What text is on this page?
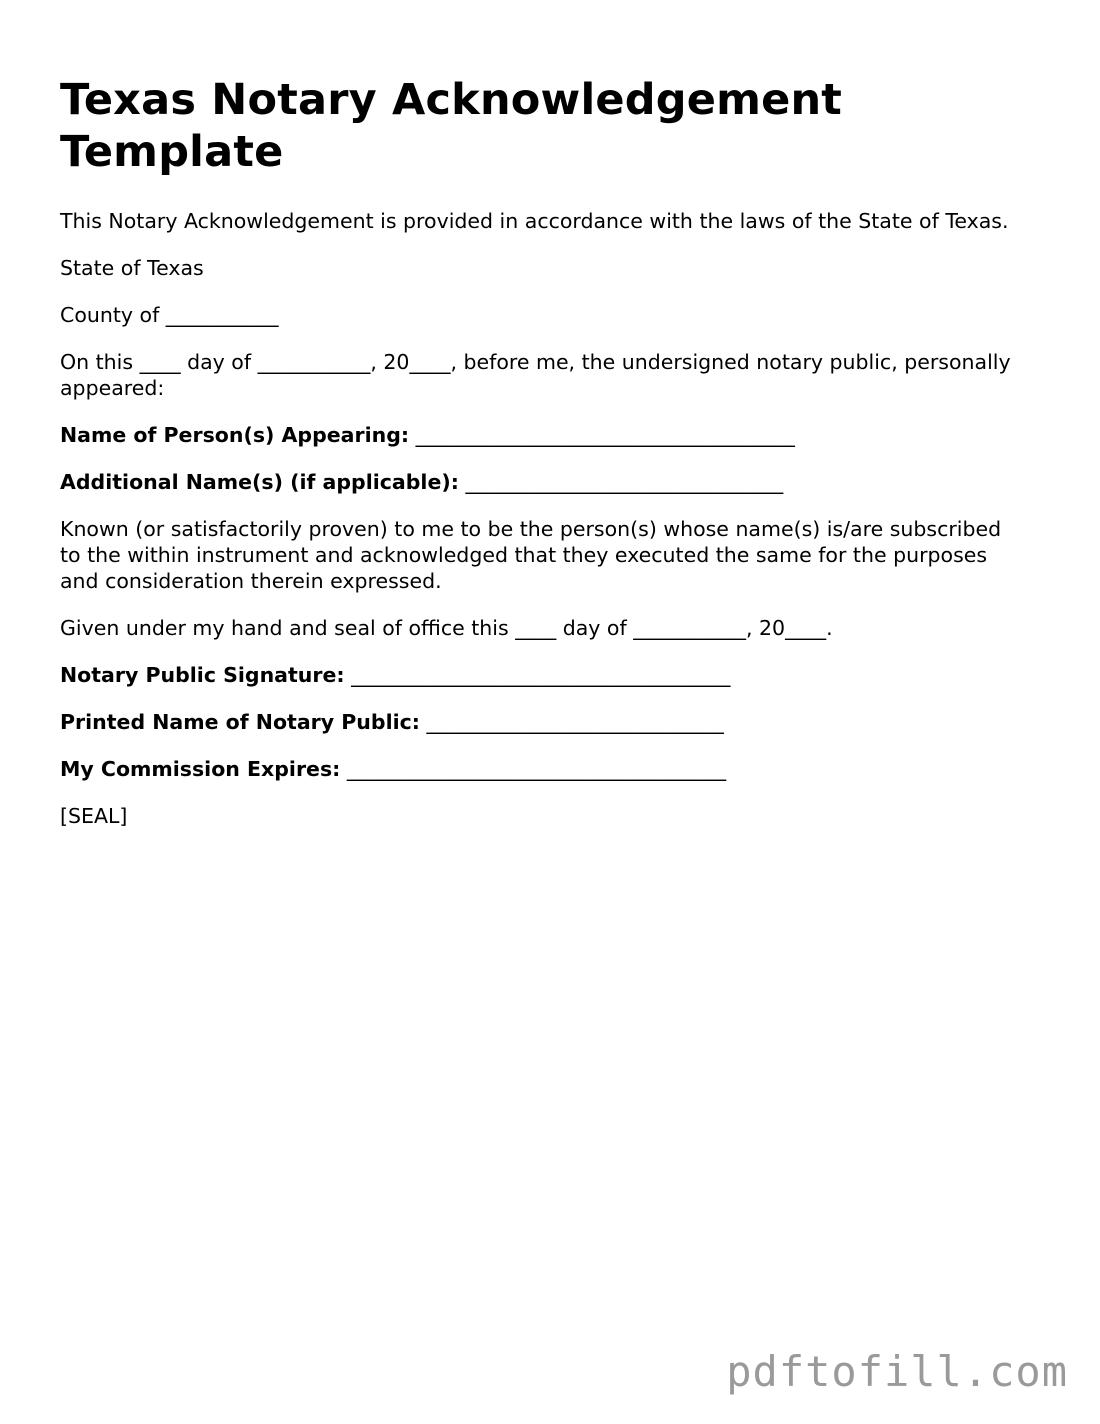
Texas Notary Acknowledgement Template

This Notary Acknowledgement is provided in accordance with the laws of the State of Texas.

State of Texas

County of ___________

On this ____ day of ___________, 20____, before me, the undersigned notary public, personally appeared:

Name of Person(s) Appearing: _____________________________________

Additional Name(s) (if applicable): _______________________________

Known (or satisfactorily proven) to me to be the person(s) whose name(s) is/are subscribed to the within instrument and acknowledged that they executed the same for the purposes and consideration therein expressed.

Given under my hand and seal of office this ____ day of ___________, 20____.

Notary Public Signature: _____________________________________

Printed Name of Notary Public: _____________________________

My Commission Expires: _____________________________________

[SEAL]

pdftofill.com
